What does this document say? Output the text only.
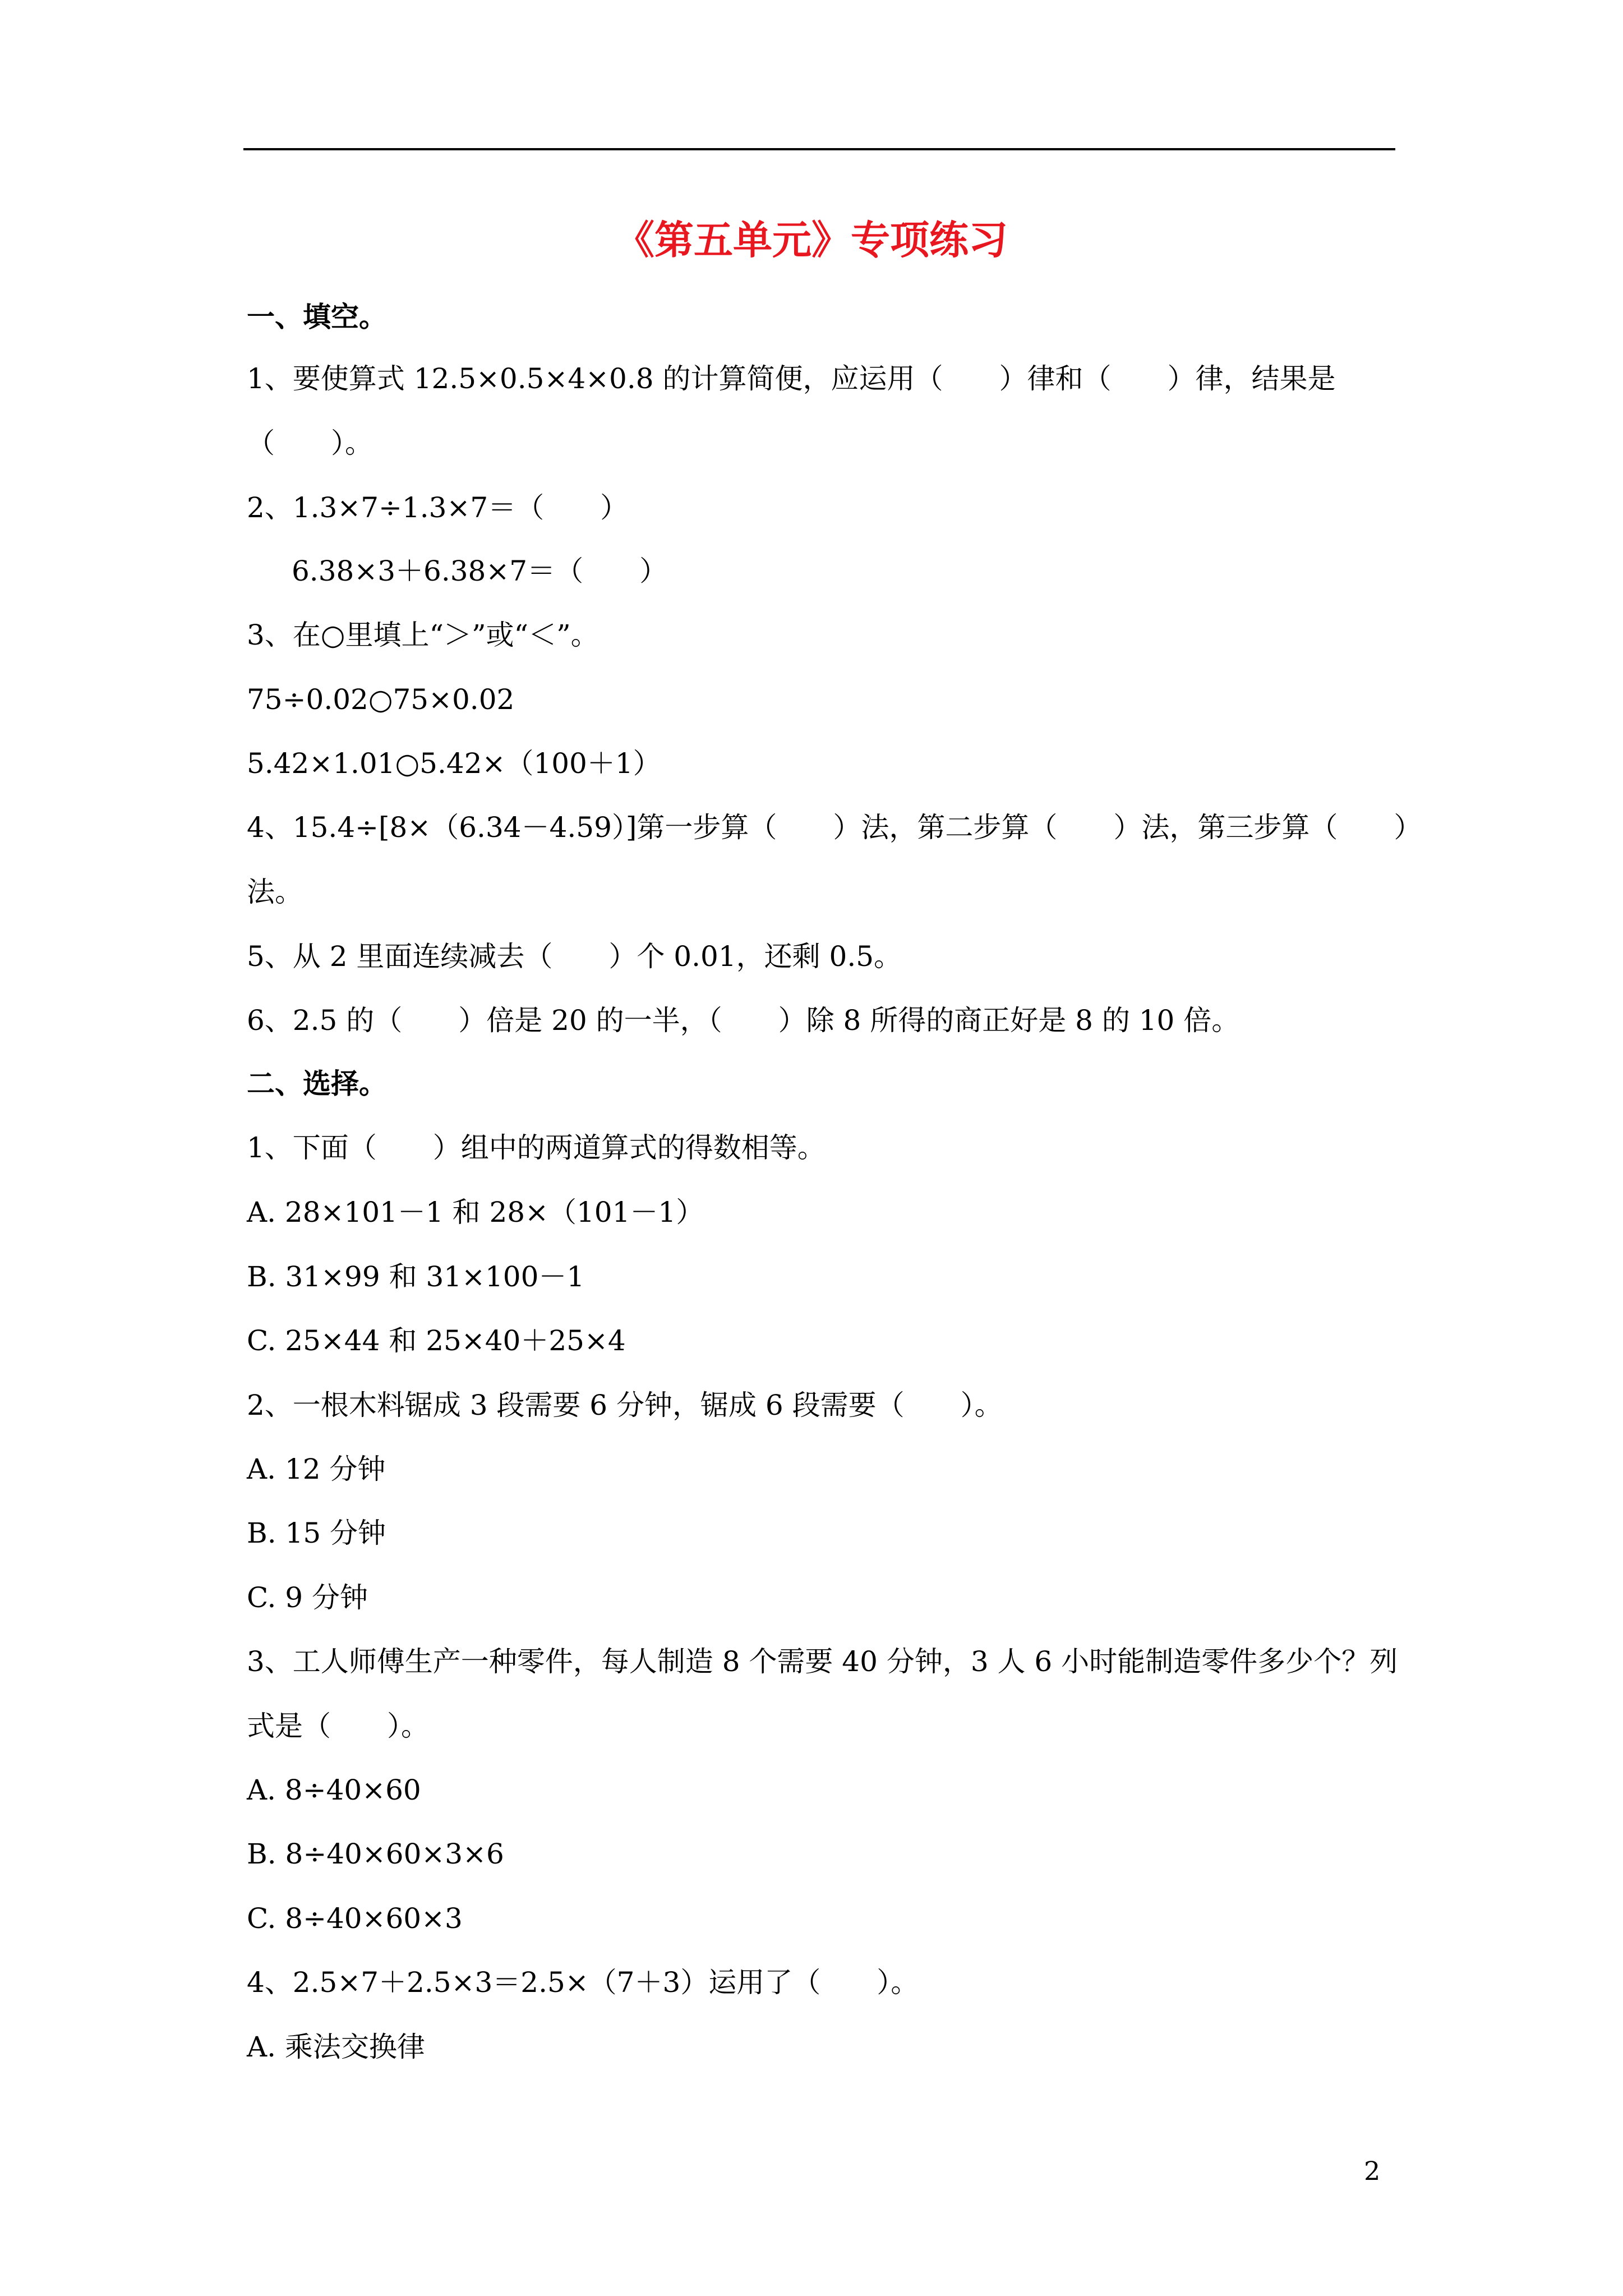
《第五单元》专项练习
一、填空。
1、要使算式 12.5×0.5×4×0.8 的计算简便，应运用（　　）律和（　　）律，结果是
（　　）。
2、1.3×7÷1.3×7＝（　　）
6.38×3＋6.38×7＝（　　）
3、在○里填上“＞”或“＜”。
75÷0.02○75×0.02
5.42×1.01○5.42×（100＋1）
4、15.4÷[8×（6.34－4.59）]第一步算（　　）法，第二步算（　　）法，第三步算（　　）
法。
5、从 2 里面连续减去（　　）个 0.01，还剩 0.5。
6、2.5 的（　　）倍是 20 的一半，（　　）除 8 所得的商正好是 8 的 10 倍。
二、选择。
1、下面（　　）组中的两道算式的得数相等。
A. 28×101－1 和 28×（101－1）
B. 31×99 和 31×100－1
C. 25×44 和 25×40＋25×4
2、一根木料锯成 3 段需要 6 分钟，锯成 6 段需要（　　）。
A. 12 分钟
B. 15 分钟
C. 9 分钟
3、工人师傅生产一种零件，每人制造 8 个需要 40 分钟，3 人 6 小时能制造零件多少个？列
式是（　　）。
A. 8÷40×60
B. 8÷40×60×3×6
C. 8÷40×60×3
4、2.5×7＋2.5×3＝2.5×（7＋3）运用了（　　）。
A. 乘法交换律
2
